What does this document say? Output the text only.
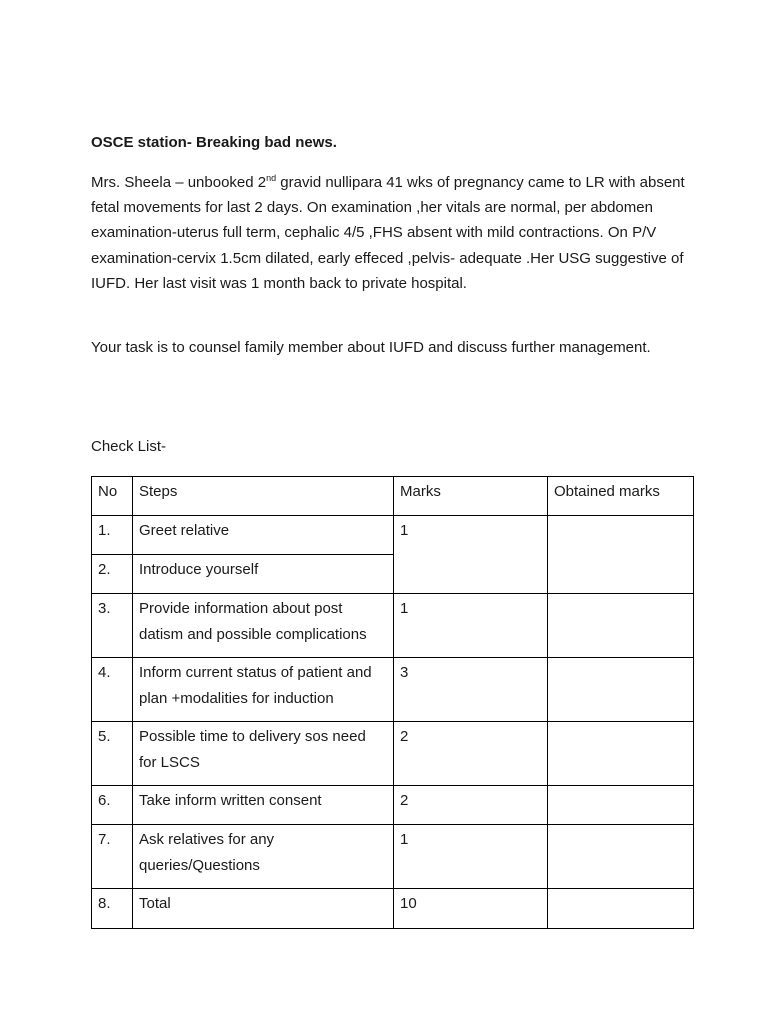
OSCE station- Breaking bad news.

Mrs. Sheela – unbooked 2nd gravid nullipara 41 wks of pregnancy came to LR with absent fetal movements for last 2 days. On examination ,her vitals are normal, per abdomen examination-uterus full term, cephalic 4/5 ,FHS absent with mild contractions. On P/V examination-cervix 1.5cm dilated, early effeced ,pelvis- adequate .Her USG suggestive of IUFD. Her last visit was 1 month back to private hospital.

Your task is to counsel family member about IUFD and discuss further management.

Check List-

No	Steps	Marks	Obtained marks
1.	Greet relative	1	
2.	Introduce yourself		
3.	Provide information about post datism and possible complications	1	
4.	Inform current status of patient and plan +modalities for induction	3	
5.	Possible time to delivery sos need for LSCS	2	
6.	Take inform written consent	2	
7.	Ask relatives for any queries/Questions	1	
8.	Total	10	
